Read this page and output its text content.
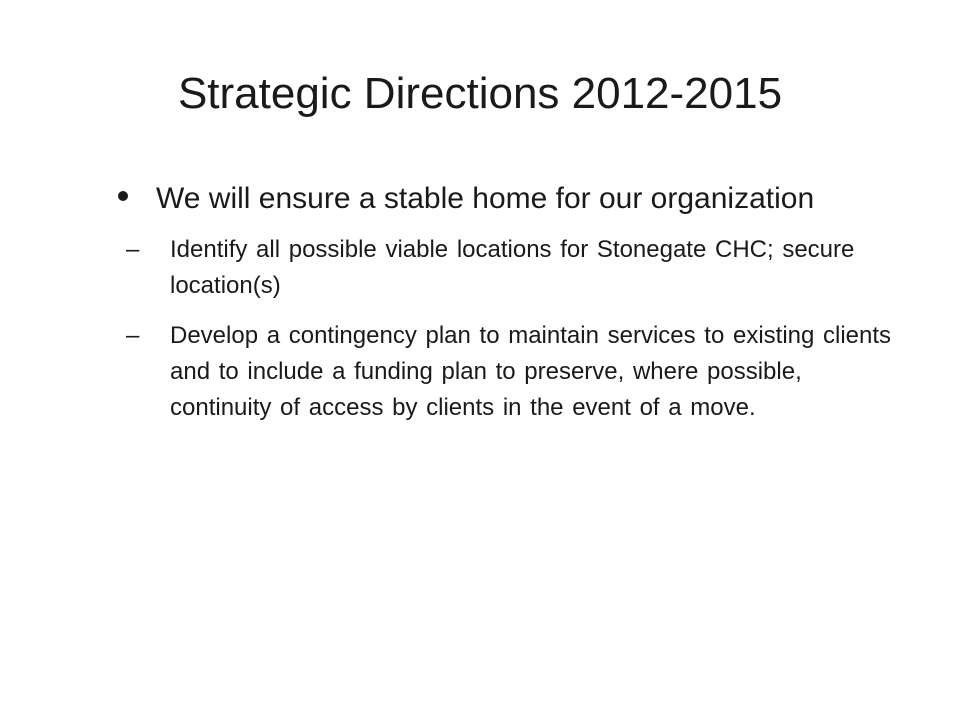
Strategic Directions 2012-2015
We will ensure a stable home for our organization
–	Identify all possible viable locations for Stonegate CHC; secure location(s)
–	Develop a contingency plan to maintain services to existing clients and to include a funding plan to preserve, where possible, continuity of access by clients in the event of a move.
